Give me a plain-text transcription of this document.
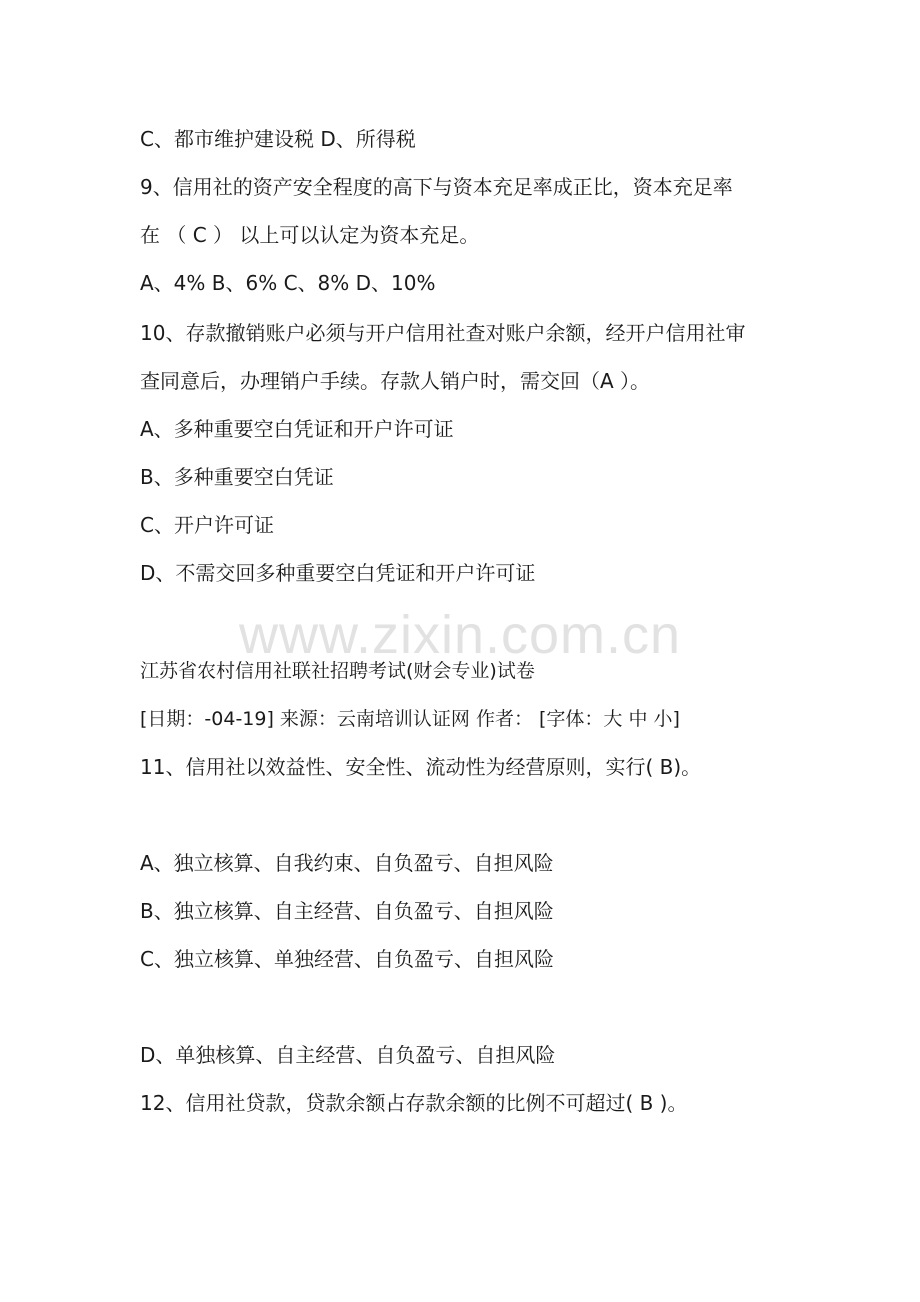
C、都市维护建设税 D、所得税
9、信用社的资产安全程度的高下与资本充足率成正比，资本充足率
在 （ C ） 以上可以认定为资本充足。
A、4% B、6% C、8% D、10%
10、存款撤销账户必须与开户信用社查对账户余额，经开户信用社审
查同意后，办理销户手续。存款人销户时，需交回（A ）。
A、多种重要空白凭证和开户许可证
B、多种重要空白凭证
C、开户许可证
D、不需交回多种重要空白凭证和开户许可证
www.zixin.com.cn
江苏省农村信用社联社招聘考试(财会专业)试卷
[日期：-04-19] 来源：云南培训认证网 作者： [字体：大 中 小]
11、信用社以效益性、安全性、流动性为经营原则，实行( B)。
A、独立核算、自我约束、自负盈亏、自担风险
B、独立核算、自主经营、自负盈亏、自担风险
C、独立核算、单独经营、自负盈亏、自担风险
D、单独核算、自主经营、自负盈亏、自担风险
12、信用社贷款，贷款余额占存款余额的比例不可超过( B )。
